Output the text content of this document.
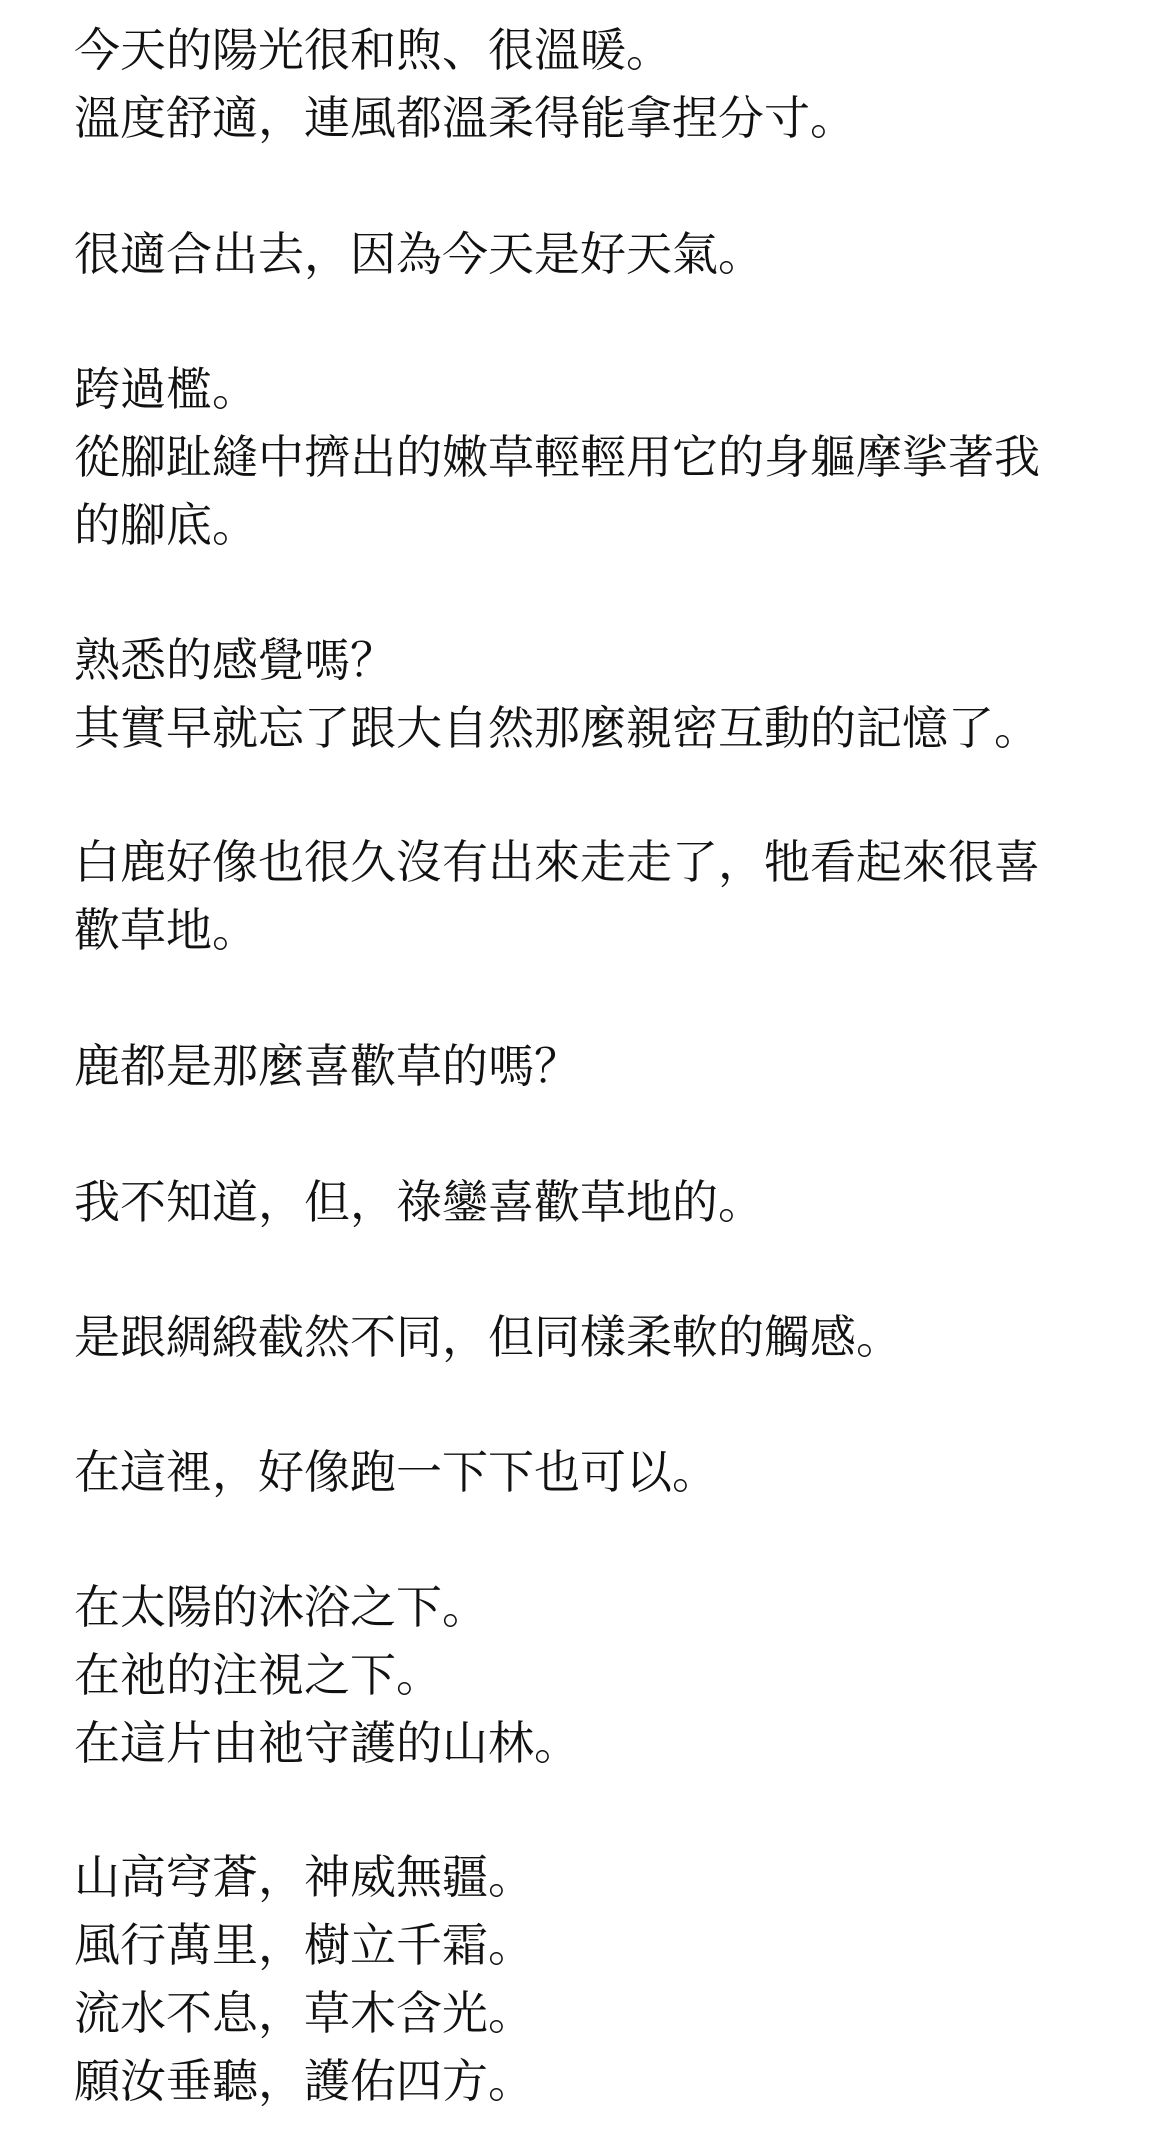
今天的陽光很和煦、很溫暖。
溫度舒適，連風都溫柔得能拿捏分寸。
很適合出去，因為今天是好天氣。
跨過檻。
從腳趾縫中擠出的嫩草輕輕用它的身軀摩挲著我
的腳底。
熟悉的感覺嗎？
其實早就忘了跟大自然那麼親密互動的記憶了。
白鹿好像也很久沒有出來走走了，牠看起來很喜
歡草地。
鹿都是那麼喜歡草的嗎？
我不知道，但，祿鑾喜歡草地的。
是跟綢緞截然不同，但同樣柔軟的觸感。
在這裡，好像跑一下下也可以。
在太陽的沐浴之下。
在祂的注視之下。
在這片由祂守護的山林。
山高穹蒼，神威無疆。
風行萬里，樹立千霜。
流水不息，草木含光。
願汝垂聽，護佑四方。
